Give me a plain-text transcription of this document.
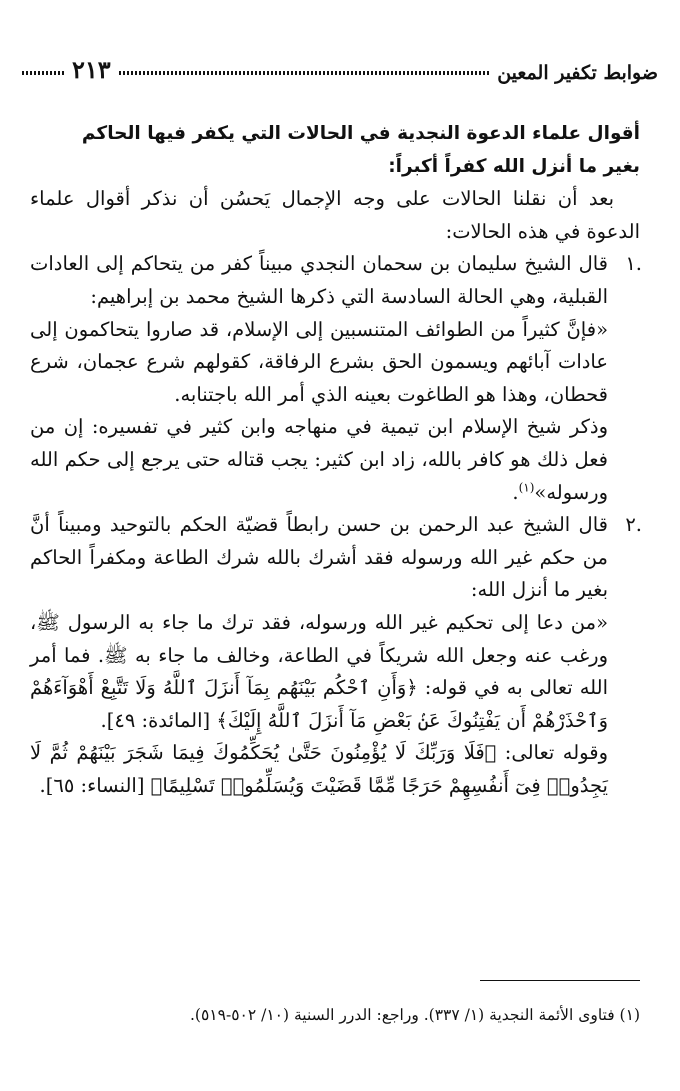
ضوابط تكفير المعين
٢١٣

أقوال علماء الدعوة النجدية في الحالات التي يكفر فيها الحاكم
بغير ما أنزل الله كفراً أكبراً:

بعد أن نقلنا الحالات على وجه الإجمال يَحسُن أن نذكر أقوال علماء الدعوة في هذه الحالات:

.١

قال الشيخ سليمان بن سحمان النجدي مبيناً كفر من يتحاكم إلى العادات القبلية، وهي الحالة السادسة التي ذكرها الشيخ محمد بن إبراهيم:

«فإنَّ كثيراً من الطوائف المتنسبين إلى الإسلام، قد صاروا يتحاكمون إلى عادات آبائهم ويسمون الحق بشرع الرفاقة، كقولهم شرع عجمان، شرع قحطان، وهذا هو الطاغوت بعينه الذي أمر الله باجتنابه.

وذكر شيخ الإسلام ابن تيمية في منهاجه وابن كثير في تفسيره: إن من فعل ذلك هو كافر بالله، زاد ابن كثير: يجب قتاله حتى يرجع إلى حكم الله ورسوله»$^{(١)}$.

.٢

قال الشيخ عبد الرحمن بن حسن رابطاً قضيّة الحكم بالتوحيد ومبيناً أنَّ من حكم غير الله ورسوله فقد أشرك بالله شرك الطاعة ومكفراً الحاكم بغير ما أنزل الله:

«من دعا إلى تحكيم غير الله ورسوله، فقد ترك ما جاء به الرسول ﷺ، ورغب عنه وجعل الله شريكاً في الطاعة، وخالف ما جاء به ﷺ. فما أمر الله تعالى به في قوله: ﴿وَأَنِ ٱحْكُم بَيْنَهُم بِمَآ أَنزَلَ ٱللَّهُ وَلَا تَتَّبِعْ أَهْوَآءَهُمْ وَٱحْذَرْهُمْ أَن يَفْتِنُوكَ عَنۢ بَعْضِ مَآ أَنزَلَ ٱللَّهُ إِلَيْكَ﴾ [المائدة: ٤٩].

وقوله تعالى: ﴿فَلَا وَرَبِّكَ لَا يُؤْمِنُونَ حَتَّىٰ يُحَكِّمُوكَ فِيمَا شَجَرَ بَيْنَهُمْ ثُمَّ لَا يَجِدُوا۟ فِىٓ أَنفُسِهِمْ حَرَجًا مِّمَّا قَضَيْتَ وَيُسَلِّمُوا۟ تَسْلِيمًا﴾ [النساء: ٦٥].

(١) فتاوى الأئمة النجدية (١/ ٣٣٧). وراجع: الدرر السنية (١٠/ ٥٠٢-٥١٩).
